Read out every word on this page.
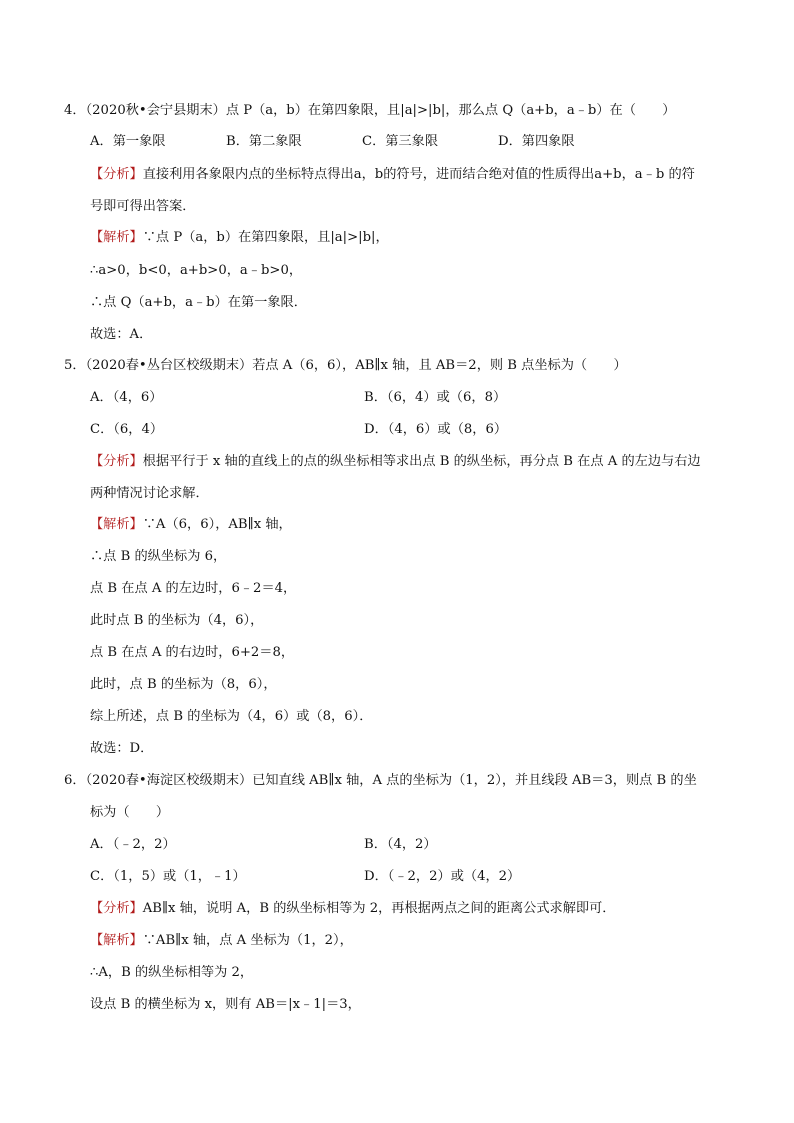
4．（2020秋•会宁县期末）点 P（a，b）在第四象限，且|a|>|b|，那么点 Q（a+b，a﹣b）在（　　）
A．第一象限	B．第二象限	C．第三象限	D．第四象限
【分析】直接利用各象限内点的坐标特点得出a，b的符号，进而结合绝对值的性质得出a+b，a﹣b 的符
号即可得出答案．
【解析】∵点 P（a，b）在第四象限，且|a|>|b|，
∴a>0，b<0，a+b>0，a﹣b>0，
∴点 Q（a+b，a﹣b）在第一象限．
故选：A．
5．（2020春•丛台区校级期末）若点 A（6，6），AB∥x 轴，且 AB＝2，则 B 点坐标为（　　）
A．（4，6）	B．（6，4）或（6，8）
C．（6，4）	D．（4，6）或（8，6）
【分析】根据平行于 x 轴的直线上的点的纵坐标相等求出点 B 的纵坐标，再分点 B 在点 A 的左边与右边
两种情况讨论求解．
【解析】∵A（6，6），AB∥x 轴，
∴点 B 的纵坐标为 6，
点 B 在点 A 的左边时，6﹣2＝4，
此时点 B 的坐标为（4，6），
点 B 在点 A 的右边时，6+2＝8，
此时，点 B 的坐标为（8，6），
综上所述，点 B 的坐标为（4，6）或（8，6）．
故选：D．
6．（2020春•海淀区校级期末）已知直线 AB∥x 轴，A 点的坐标为（1，2），并且线段 AB＝3，则点 B 的坐
标为（　　）
A．（﹣2，2）	B．（4，2）
C．（1，5）或（1，﹣1）	D．（﹣2，2）或（4，2）
【分析】AB∥x 轴，说明 A，B 的纵坐标相等为 2，再根据两点之间的距离公式求解即可．
【解析】∵AB∥x 轴，点 A 坐标为（1，2），
∴A，B 的纵坐标相等为 2，
设点 B 的横坐标为 x，则有 AB＝|x﹣1|＝3，
